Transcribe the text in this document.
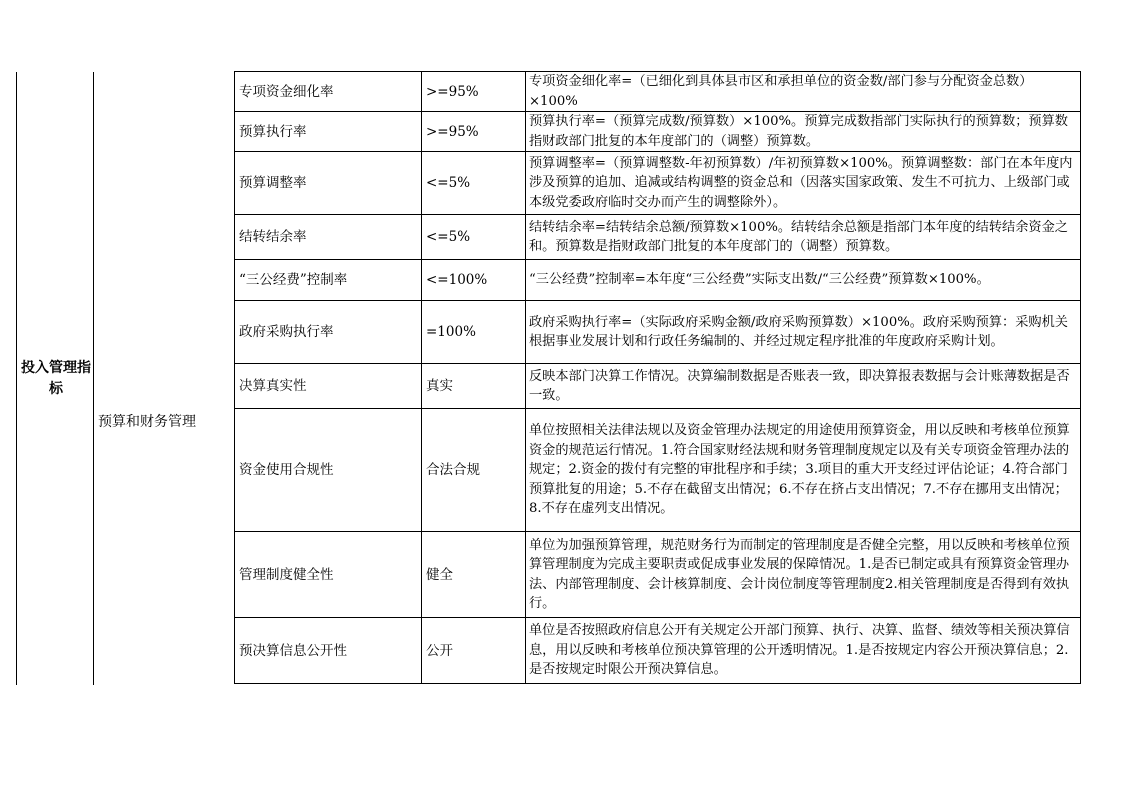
投入管理指标
预算和财务管理
专项资金细化率	>=95%	专项资金细化率=（已细化到具体县市区和承担单位的资金数/部门参与分配资金总数）×100%
预算执行率	>=95%	预算执行率=（预算完成数/预算数）×100%。预算完成数指部门实际执行的预算数；预算数指财政部门批复的本年度部门的（调整）预算数。
预算调整率	<=5%	预算调整率=（预算调整数-年初预算数）/年初预算数×100%。预算调整数：部门在本年度内涉及预算的追加、追减或结构调整的资金总和（因落实国家政策、发生不可抗力、上级部门或本级党委政府临时交办而产生的调整除外）。
结转结余率	<=5%	结转结余率=结转结余总额/预算数×100%。结转结余总额是指部门本年度的结转结余资金之和。预算数是指财政部门批复的本年度部门的（调整）预算数。
“三公经费”控制率	<=100%	“三公经费”控制率=本年度“三公经费”实际支出数/“三公经费”预算数×100%。
政府采购执行率	=100%	政府采购执行率=（实际政府采购金额/政府采购预算数）×100%。政府采购预算：采购机关根据事业发展计划和行政任务编制的、并经过规定程序批准的年度政府采购计划。
决算真实性	真实	反映本部门决算工作情况。决算编制数据是否账表一致，即决算报表数据与会计账薄数据是否一致。
资金使用合规性	合法合规	单位按照相关法律法规以及资金管理办法规定的用途使用预算资金，用以反映和考核单位预算资金的规范运行情况。1.符合国家财经法规和财务管理制度规定以及有关专项资金管理办法的规定；2.资金的拨付有完整的审批程序和手续；3.项目的重大开支经过评估论证；4.符合部门预算批复的用途；5.不存在截留支出情况；6.不存在挤占支出情况；7.不存在挪用支出情况；8.不存在虚列支出情况。
管理制度健全性	健全	单位为加强预算管理，规范财务行为而制定的管理制度是否健全完整，用以反映和考核单位预算管理制度为完成主要职责或促成事业发展的保障情况。1.是否已制定或具有预算资金管理办法、内部管理制度、会计核算制度、会计岗位制度等管理制度2.相关管理制度是否得到有效执行。
预决算信息公开性	公开	单位是否按照政府信息公开有关规定公开部门预算、执行、决算、监督、绩效等相关预决算信息，用以反映和考核单位预决算管理的公开透明情况。1.是否按规定内容公开预决算信息；2.是否按规定时限公开预决算信息。
